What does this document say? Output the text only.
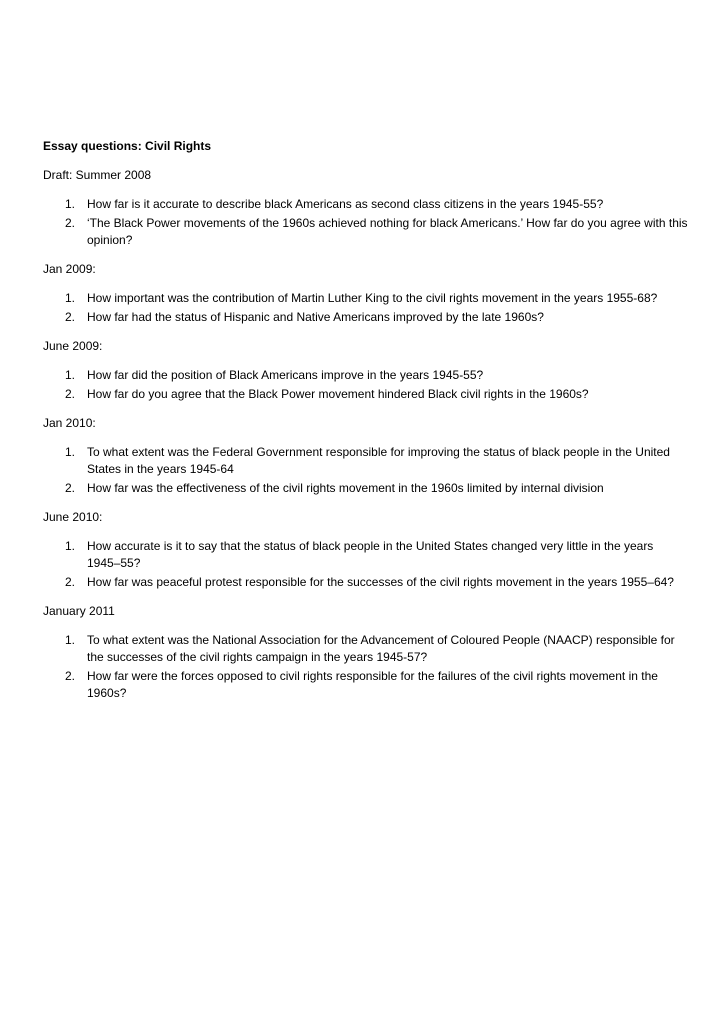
Essay questions: Civil Rights
Draft: Summer 2008
1. How far is it accurate to describe black Americans as second class citizens in the years 1945-55?
2. ‘The Black Power movements of the 1960s achieved nothing for black Americans.’ How far do you agree with this opinion?
Jan 2009:
1. How important was the contribution of Martin Luther King to the civil rights movement in the years 1955-68?
2. How far had the status of Hispanic and Native Americans improved by the late 1960s?
June 2009:
1. How far did the position of Black Americans improve in the years 1945-55?
2. How far do you agree that the Black Power movement hindered Black civil rights in the 1960s?
Jan 2010:
1. To what extent was the Federal Government responsible for improving the status of black people in the United States in the years 1945-64
2. How far was the effectiveness of the civil rights movement in the 1960s limited by internal division
June 2010:
1. How accurate is it to say that the status of black people in the United States changed very little in the years 1945–55?
2. How far was peaceful protest responsible for the successes of the civil rights movement in the years 1955–64?
January 2011
1. To what extent was the National Association for the Advancement of Coloured People (NAACP) responsible for the successes of the civil rights campaign in the years 1945-57?
2. How far were the forces opposed to civil rights responsible for the failures of the civil rights movement in the 1960s?
